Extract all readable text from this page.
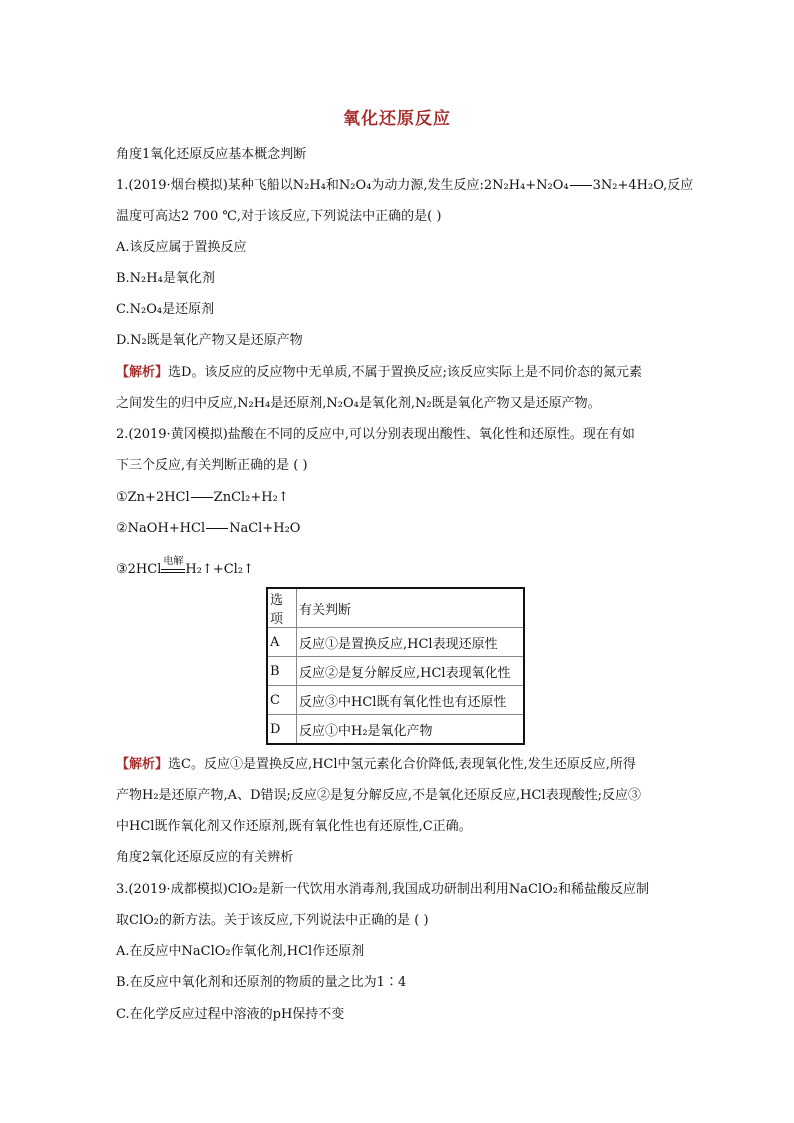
氧化还原反应
角度1氧化还原反应基本概念判断
1.(2019·烟台模拟)某种飞船以N₂H₄和N₂O₄为动力源,发生反应:2N₂H₄+N₂O₄ 3N₂+4H₂O,反应
温度可高达2 700 ℃,对于该反应,下列说法中正确的是( )
A.该反应属于置换反应
B.N₂H₄是氧化剂
C.N₂O₄是还原剂
D.N₂既是氧化产物又是还原产物
【解析】选D。该反应的反应物中无单质,不属于置换反应;该反应实际上是不同价态的氮元素
之间发生的归中反应,N₂H₄是还原剂,N₂O₄是氧化剂,N₂既是氧化产物又是还原产物。
2.(2019·黄冈模拟)盐酸在不同的反应中,可以分别表现出酸性、氧化性和还原性。现在有如
下三个反应,有关判断正确的是 ( )
①Zn+2HCl ZnCl₂+H₂↑
②NaOH+HCl NaCl+H₂O
③2HCl
电解
H₂↑+Cl₂↑
选项	有关判断
A	反应①是置换反应,HCl表现还原性
B	反应②是复分解反应,HCl表现氧化性
C	反应③中HCl既有氧化性也有还原性
D	反应①中H₂是氧化产物
【解析】选C。反应①是置换反应,HCl中氢元素化合价降低,表现氧化性,发生还原反应,所得
产物H₂是还原产物,A、D错误;反应②是复分解反应,不是氧化还原反应,HCl表现酸性;反应③
中HCl既作氧化剂又作还原剂,既有氧化性也有还原性,C正确。
角度2氧化还原反应的有关辨析
3.(2019·成都模拟)ClO₂是新一代饮用水消毒剂,我国成功研制出利用NaClO₂和稀盐酸反应制
取ClO₂的新方法。关于该反应,下列说法中正确的是 ( )
A.在反应中NaClO₂作氧化剂,HCl作还原剂
B.在反应中氧化剂和还原剂的物质的量之比为1∶4
C.在化学反应过程中溶液的pH保持不变
